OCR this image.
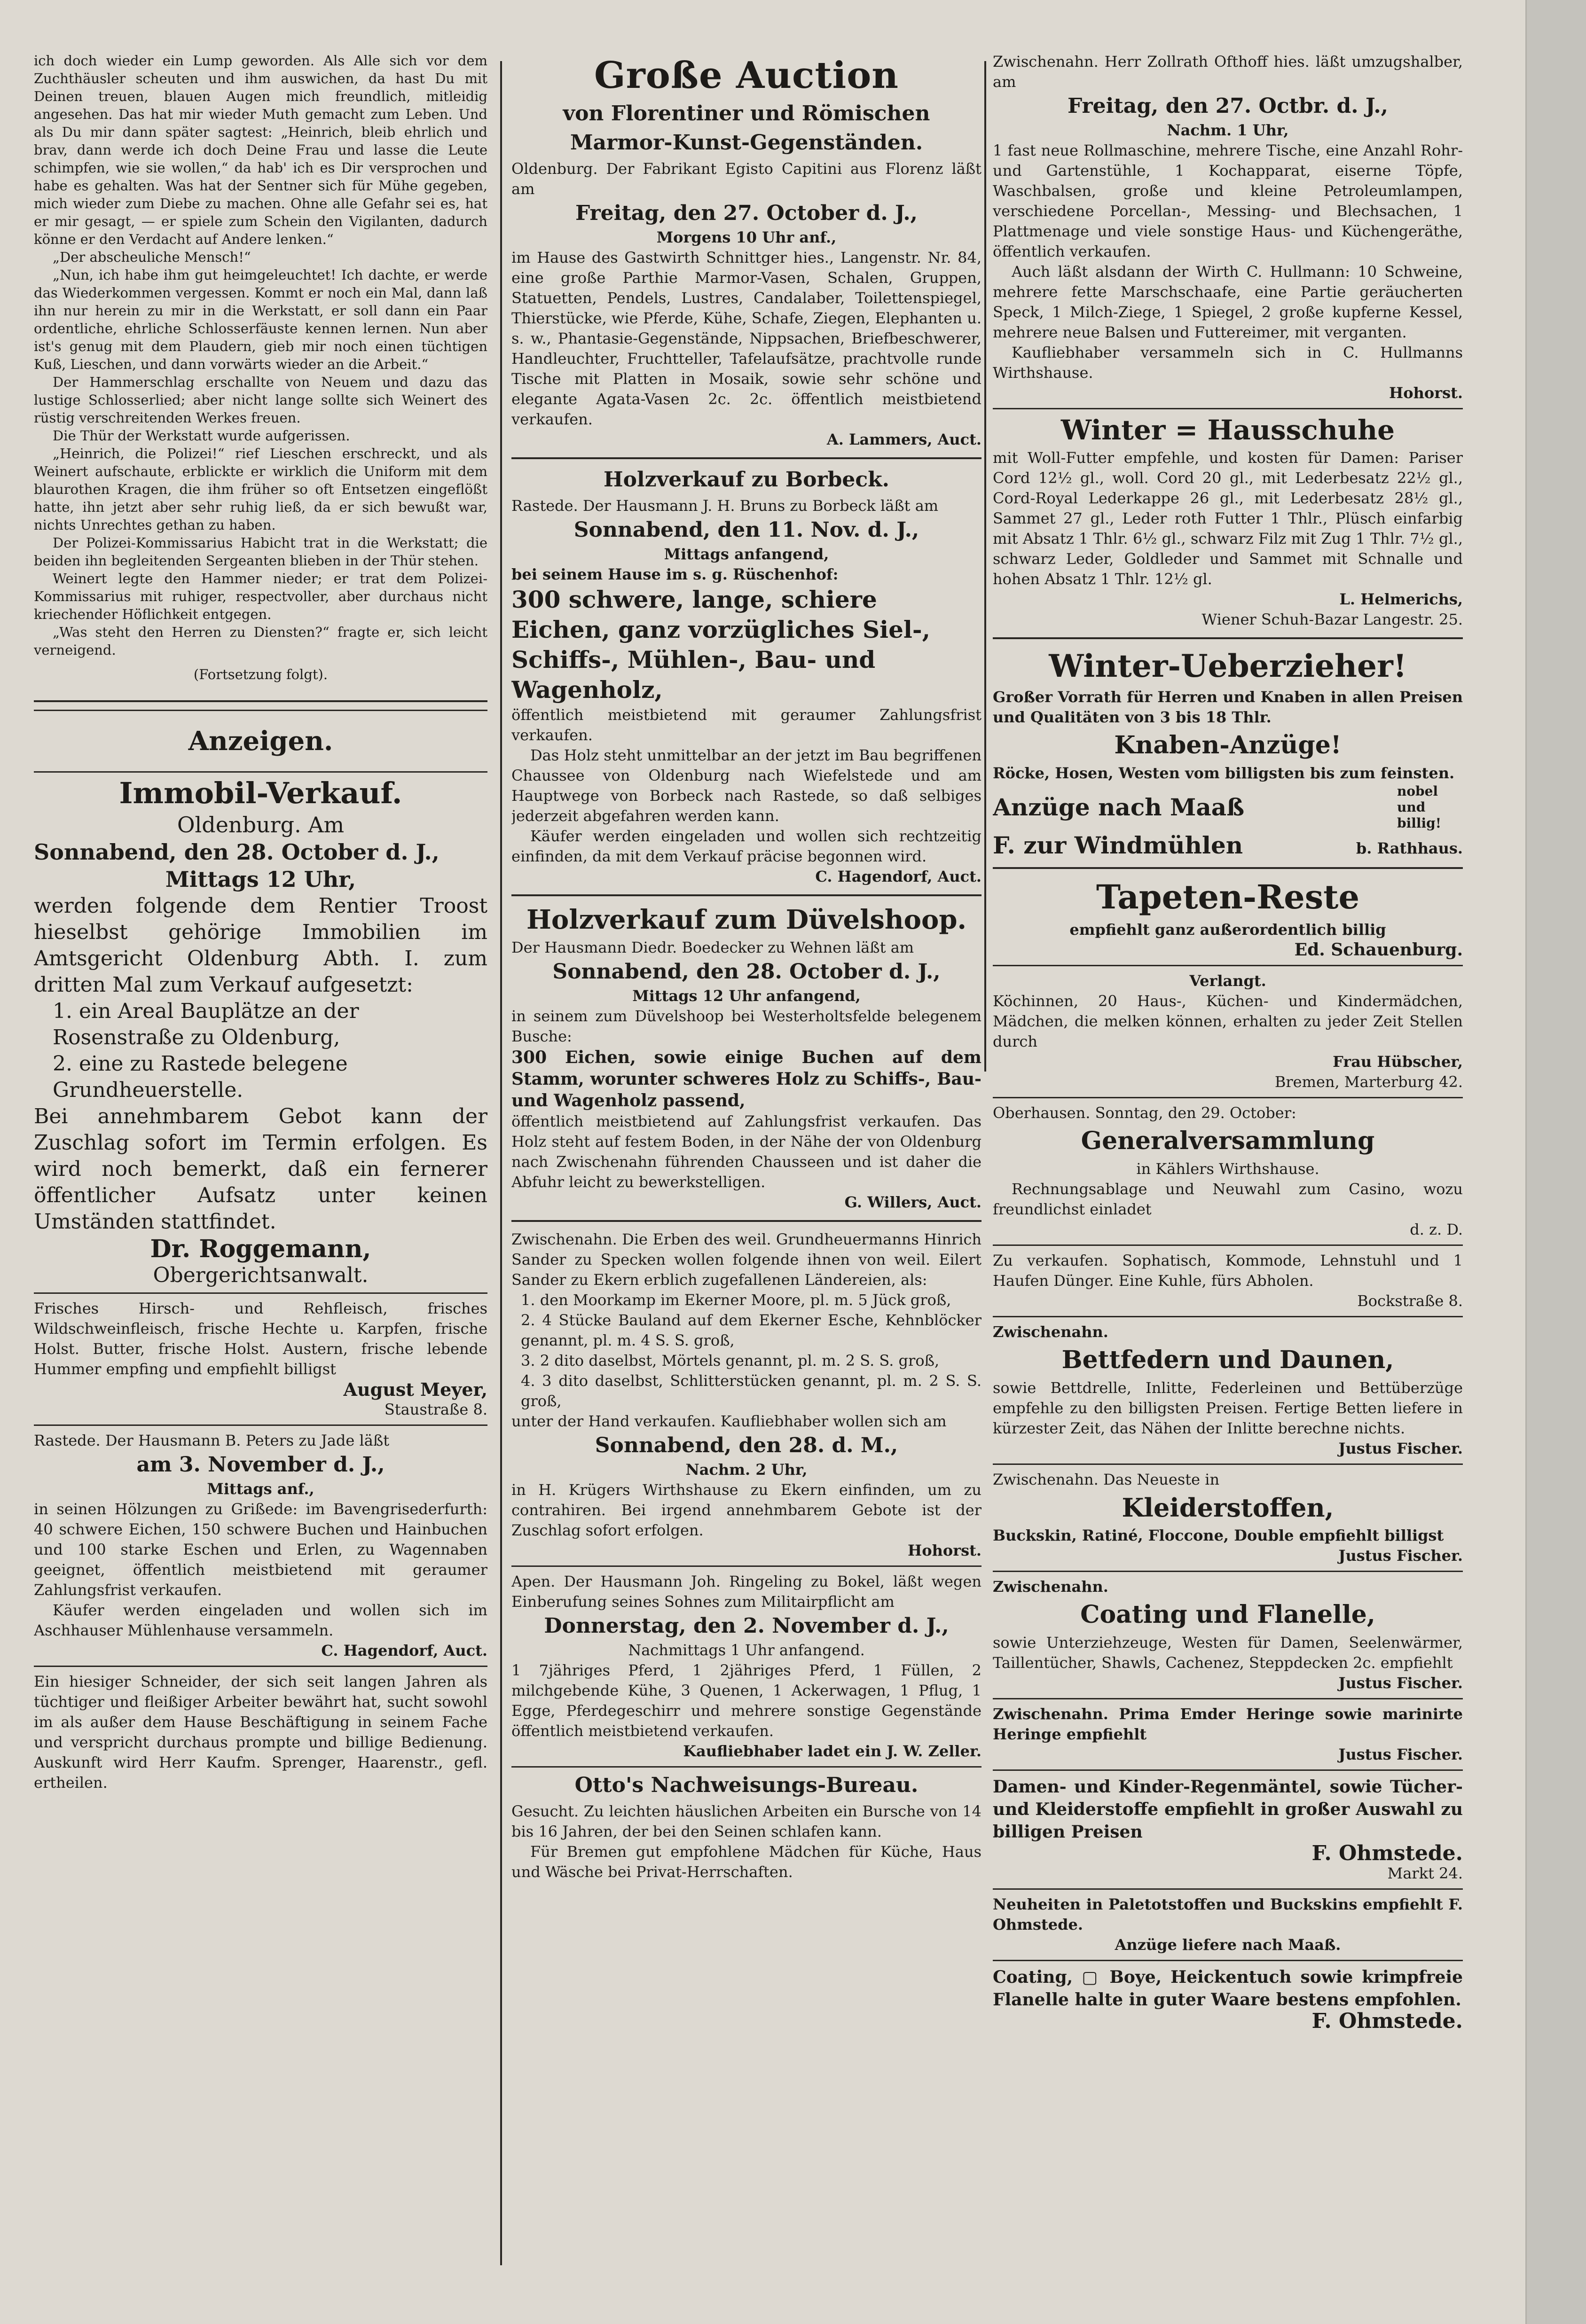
ich doch wieder ein Lump geworden. Als Alle sich vor dem Zuchthäusler scheuten und ihm auswichen, da hast Du mit Deinen treuen, blauen Augen mich freundlich, mitleidig angesehen. Das hat mir wieder Muth gemacht zum Leben. Und als Du mir dann später sagtest: „Heinrich, bleib ehrlich und brav, dann werde ich doch Deine Frau und lasse die Leute schimpfen, wie sie wollen,“ da hab' ich es Dir versprochen und habe es gehalten. Was hat der Sentner sich für Mühe gegeben, mich wieder zum Diebe zu machen. Ohne alle Gefahr sei es, hat er mir gesagt, — er spiele zum Schein den Vigilanten, dadurch könne er den Verdacht auf Andere lenken.“

„Der abscheuliche Mensch!“

„Nun, ich habe ihm gut heimgeleuchtet! Ich dachte, er werde das Wiederkommen vergessen. Kommt er noch ein Mal, dann laß ihn nur herein zu mir in die Werkstatt, er soll dann ein Paar ordentliche, ehrliche Schlosserfäuste kennen lernen. Nun aber ist's genug mit dem Plaudern, gieb mir noch einen tüchtigen Kuß, Lieschen, und dann vorwärts wieder an die Arbeit.“

Der Hammerschlag erschallte von Neuem und dazu das lustige Schlosserlied; aber nicht lange sollte sich Weinert des rüstig verschreitenden Werkes freuen.

Die Thür der Werkstatt wurde aufgerissen.

„Heinrich, die Polizei!“ rief Lieschen erschreckt, und als Weinert aufschaute, erblickte er wirklich die Uniform mit dem blaurothen Kragen, die ihm früher so oft Entsetzen eingeflößt hatte, ihn jetzt aber sehr ruhig ließ, da er sich bewußt war, nichts Unrechtes gethan zu haben.

Der Polizei-Kommissarius Habicht trat in die Werkstatt; die beiden ihn begleitenden Sergeanten blieben in der Thür stehen.

Weinert legte den Hammer nieder; er trat dem Polizei-Kommissarius mit ruhiger, respectvoller, aber durchaus nicht kriechender Höflichkeit entgegen.

„Was steht den Herren zu Diensten?“ fragte er, sich leicht verneigend.

(Fortsetzung folgt).

Anzeigen.

Immobil-Verkauf.

Oldenburg. Am

Sonnabend, den 28. October d. J.,

Mittags 12 Uhr,

werden folgende dem Rentier Troost hieselbst gehörige Immobilien im Amtsgericht Oldenburg Abth. I. zum dritten Mal zum Verkauf aufgesetzt:

1. ein Areal Bauplätze an der Rosenstraße zu Oldenburg,

2. eine zu Rastede belegene Grundheuerstelle.

Bei annehmbarem Gebot kann der Zuschlag sofort im Termin erfolgen. Es wird noch bemerkt, daß ein fernerer öffentlicher Aufsatz unter keinen Umständen stattfindet.

Dr. Roggemann,

Obergerichtsanwalt.

Frisches Hirsch- und Rehfleisch, frisches Wildschweinfleisch, frische Hechte u. Karpfen, frische Holst. Butter, frische Holst. Austern, frische lebende Hummer empfing und empfiehlt billigst

August Meyer,

Staustraße 8.

Rastede. Der Hausmann B. Peters zu Jade läßt

am 3. November d. J.,

Mittags anf.,

in seinen Hölzungen zu Grißede: im Bavengrisederfurth: 40 schwere Eichen, 150 schwere Buchen und Hainbuchen und 100 starke Eschen und Erlen, zu Wagennaben geeignet, öffentlich meistbietend mit geraumer Zahlungsfrist verkaufen.

Käufer werden eingeladen und wollen sich im Aschhauser Mühlenhause versammeln.

C. Hagendorf, Auct.

Ein hiesiger Schneider, der sich seit langen Jahren als tüchtiger und fleißiger Arbeiter bewährt hat, sucht sowohl im als außer dem Hause Beschäftigung in seinem Fache und verspricht durchaus prompte und billige Bedienung. Auskunft wird Herr Kaufm. Sprenger, Haarenstr., gefl. ertheilen.

Große Auction

von Florentiner und Römischen

Marmor-Kunst-Gegenständen.

Oldenburg. Der Fabrikant Egisto Capitini aus Florenz läßt am

Freitag, den 27. October d. J.,

Morgens 10 Uhr anf.,

im Hause des Gastwirth Schnittger hies., Langenstr. Nr. 84, eine große Parthie Marmor-Vasen, Schalen, Gruppen, Statuetten, Pendels, Lustres, Candalaber, Toilettenspiegel, Thierstücke, wie Pferde, Kühe, Schafe, Ziegen, Elephanten u. s. w., Phantasie-Gegenstände, Nippsachen, Briefbeschwerer, Handleuchter, Fruchtteller, Tafelaufsätze, prachtvolle runde Tische mit Platten in Mosaik, sowie sehr schöne und elegante Agata-Vasen 2c. 2c. öffentlich meistbietend verkaufen.

A. Lammers, Auct.

Holzverkauf zu Borbeck.

Rastede. Der Hausmann J. H. Bruns zu Borbeck läßt am

Sonnabend, den 11. Nov. d. J.,

Mittags anfangend,

bei seinem Hause im s. g. Rüschenhof:

300 schwere, lange, schiere Eichen, ganz vorzügliches Siel-, Schiffs-, Mühlen-, Bau- und Wagenholz,

öffentlich meistbietend mit geraumer Zahlungsfrist verkaufen.

Das Holz steht unmittelbar an der jetzt im Bau begriffenen Chaussee von Oldenburg nach Wiefelstede und am Hauptwege von Borbeck nach Rastede, so daß selbiges jederzeit abgefahren werden kann.

Käufer werden eingeladen und wollen sich rechtzeitig einfinden, da mit dem Verkauf präcise begonnen wird.

C. Hagendorf, Auct.

Holzverkauf zum Düvelshoop.

Der Hausmann Diedr. Boedecker zu Wehnen läßt am

Sonnabend, den 28. October d. J.,

Mittags 12 Uhr anfangend,

in seinem zum Düvelshoop bei Westerholtsfelde belegenem Busche:

300 Eichen, sowie einige Buchen auf dem Stamm, worunter schweres Holz zu Schiffs-, Bau- und Wagenholz passend,

öffentlich meistbietend auf Zahlungsfrist verkaufen. Das Holz steht auf festem Boden, in der Nähe der von Oldenburg nach Zwischenahn führenden Chausseen und ist daher die Abfuhr leicht zu bewerkstelligen.

G. Willers, Auct.

Zwischenahn. Die Erben des weil. Grundheuermanns Hinrich Sander zu Specken wollen folgende ihnen von weil. Eilert Sander zu Ekern erblich zugefallenen Ländereien, als:

1. den Moorkamp im Ekerner Moore, pl. m. 5 Jück groß,

2. 4 Stücke Bauland auf dem Ekerner Esche, Kehnblöcker genannt, pl. m. 4 S. S. groß,

3. 2 dito daselbst, Mörtels genannt, pl. m. 2 S. S. groß,

4. 3 dito daselbst, Schlitterstücken genannt, pl. m. 2 S. S. groß,

unter der Hand verkaufen. Kaufliebhaber wollen sich am

Sonnabend, den 28. d. M.,

Nachm. 2 Uhr,

in H. Krügers Wirthshause zu Ekern einfinden, um zu contrahiren. Bei irgend annehmbarem Gebote ist der Zuschlag sofort erfolgen.

Hohorst.

Apen. Der Hausmann Joh. Ringeling zu Bokel, läßt wegen Einberufung seines Sohnes zum Militairpflicht am

Donnerstag, den 2. November d. J.,

Nachmittags 1 Uhr anfangend.

1 7jähriges Pferd, 1 2jähriges Pferd, 1 Füllen, 2 milchgebende Kühe, 3 Quenen, 1 Ackerwagen, 1 Pflug, 1 Egge, Pferdegeschirr und mehrere sonstige Gegenstände öffentlich meistbietend verkaufen.

Kaufliebhaber ladet ein J. W. Zeller.

Otto's Nachweisungs-Bureau.

Gesucht. Zu leichten häuslichen Arbeiten ein Bursche von 14 bis 16 Jahren, der bei den Seinen schlafen kann.

Für Bremen gut empfohlene Mädchen für Küche, Haus und Wäsche bei Privat-Herrschaften.

Zwischenahn. Herr Zollrath Ofthoff hies. läßt umzugshalber, am

Freitag, den 27. Octbr. d. J.,

Nachm. 1 Uhr,

1 fast neue Rollmaschine, mehrere Tische, eine Anzahl Rohr- und Gartenstühle, 1 Kochapparat, eiserne Töpfe, Waschbalsen, große und kleine Petroleumlampen, verschiedene Porcellan-, Messing- und Blechsachen, 1 Plattmenage und viele sonstige Haus- und Küchengeräthe, öffentlich verkaufen.

Auch läßt alsdann der Wirth C. Hullmann: 10 Schweine, mehrere fette Marschschaafe, eine Partie geräucherten Speck, 1 Milch-Ziege, 1 Spiegel, 2 große kupferne Kessel, mehrere neue Balsen und Futtereimer, mit verganten.

Kaufliebhaber versammeln sich in C. Hullmanns Wirthshause.

Hohorst.

Winter = Hausschuhe

mit Woll-Futter empfehle, und kosten für Damen: Pariser Cord 12½ gl., woll. Cord 20 gl., mit Lederbesatz 22½ gl., Cord-Royal Lederkappe 26 gl., mit Lederbesatz 28½ gl., Sammet 27 gl., Leder roth Futter 1 Thlr., Plüsch einfarbig mit Absatz 1 Thlr. 6½ gl., schwarz Filz mit Zug 1 Thlr. 7½ gl., schwarz Leder, Goldleder und Sammet mit Schnalle und hohen Absatz 1 Thlr. 12½ gl.

L. Helmerichs,

Wiener Schuh-Bazar Langestr. 25.

Winter-Ueberzieher!

Großer Vorrath für Herren und Knaben in allen Preisen und Qualitäten von 3 bis 18 Thlr.

Knaben-Anzüge!

Röcke, Hosen, Westen vom billigsten bis zum feinsten.

Anzüge nach Maaß

nobel und billig!

F. zur Windmühlen	b. Rathhaus.

Tapeten-Reste

empfiehlt ganz außerordentlich billig

Ed. Schauenburg.

Verlangt.

Köchinnen, 20 Haus-, Küchen- und Kindermädchen, Mädchen, die melken können, erhalten zu jeder Zeit Stellen durch

Frau Hübscher,

Bremen, Marterburg 42.

Oberhausen. Sonntag, den 29. October:

Generalversammlung

in Kählers Wirthshause.

Rechnungsablage und Neuwahl zum Casino, wozu freundlichst einladet

d. z. D.

Zu verkaufen. Sophatisch, Kommode, Lehnstuhl und 1 Haufen Dünger. Eine Kuhle, fürs Abholen.

Bockstraße 8.

Zwischenahn.

Bettfedern und Daunen,

sowie Bettdrelle, Inlitte, Federleinen und Bettüberzüge empfehle zu den billigsten Preisen. Fertige Betten liefere in kürzester Zeit, das Nähen der Inlitte berechne nichts.

Justus Fischer.

Zwischenahn. Das Neueste in

Kleiderstoffen,

Buckskin, Ratiné, Floccone, Double empfiehlt billigst

Justus Fischer.

Zwischenahn.

Coating und Flanelle,

sowie Unterziehzeuge, Westen für Damen, Seelenwärmer, Taillentücher, Shawls, Cachenez, Steppdecken 2c. empfiehlt

Justus Fischer.

Zwischenahn. Prima Emder Heringe sowie marinirte Heringe empfiehlt

Justus Fischer.

Damen- und Kinder-Regenmäntel, sowie Tücher- und Kleiderstoffe empfiehlt in großer Auswahl zu billigen Preisen

F. Ohmstede.

Markt 24.

Neuheiten in Paletotstoffen und Buckskins empfiehlt F. Ohmstede.

Anzüge liefere nach Maaß.

Coating, ▢ Boye, Heickentuch sowie krimpfreie Flanelle halte in guter Waare bestens empfohlen.

F. Ohmstede.
